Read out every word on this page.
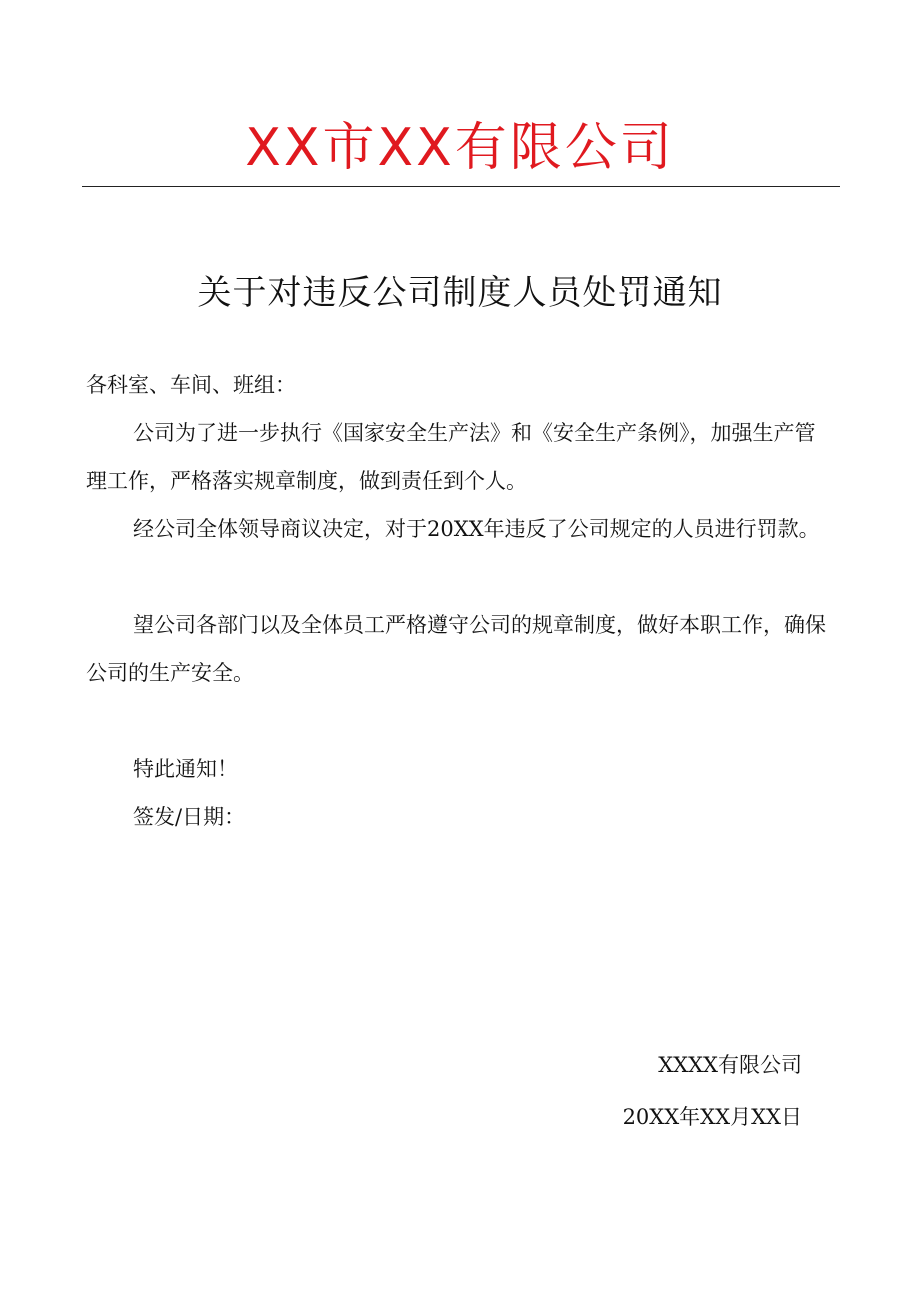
XX市XX有限公司
关于对违反公司制度人员处罚通知

各科室、车间、班组：

公司为了进一步执行《国家安全生产法》和《安全生产条例》，加强生产管理工作，严格落实规章制度，做到责任到个人。

经公司全体领导商议决定，对于20XX年违反了公司规定的人员进行罚款。

望公司各部门以及全体员工严格遵守公司的规章制度，做好本职工作，确保公司的生产安全。

特此通知！

签发/日期：

XXXX有限公司
20XX年XX月XX日
